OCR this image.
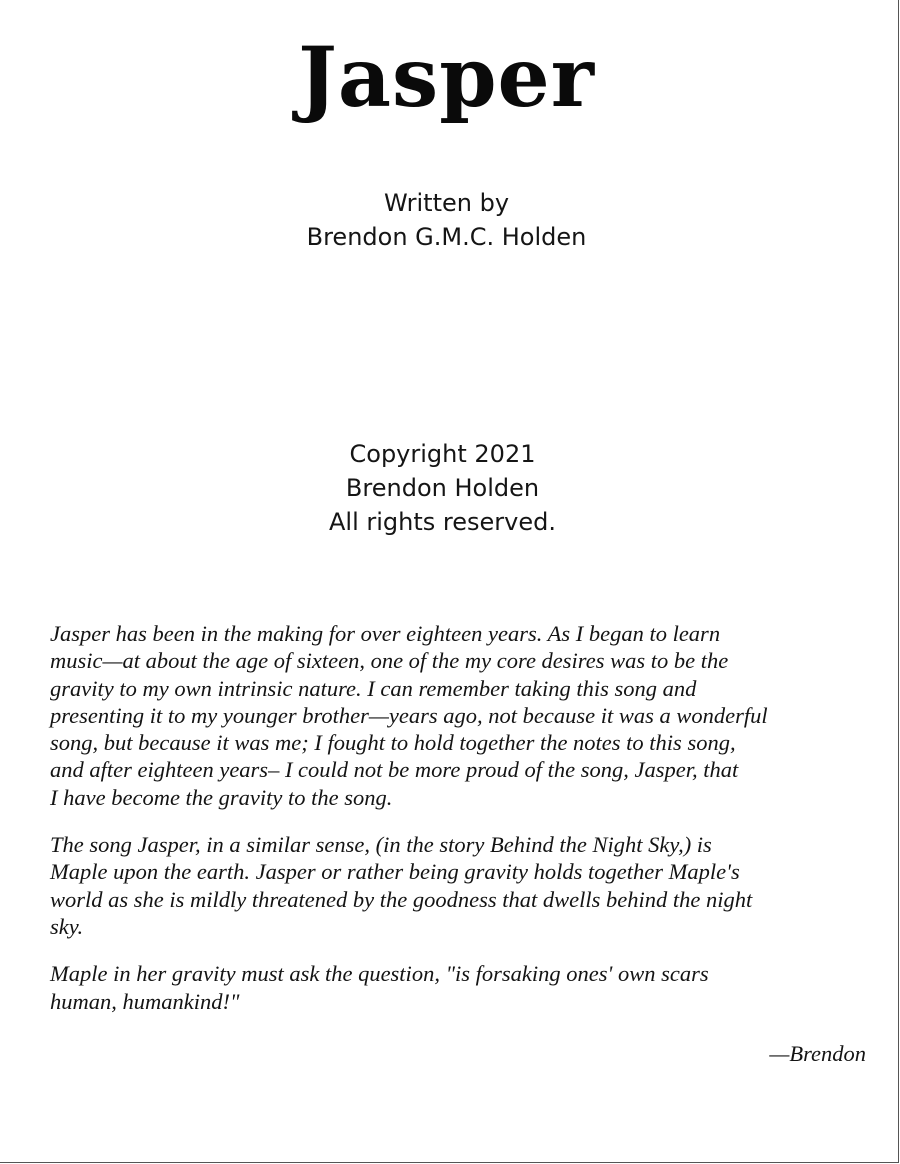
Jasper
Written by
Brendon G.M.C. Holden
Copyright 2021
Brendon Holden
All rights reserved.

Jasper has been in the making for over eighteen years. As I began to learn
music—at about the age of sixteen, one of the my core desires was to be the
gravity to my own intrinsic nature. I can remember taking this song and
presenting it to my younger brother—years ago, not because it was a wonderful
song, but because it was me; I fought to hold together the notes to this song,
and after eighteen years– I could not be more proud of the song, Jasper, that
I have become the gravity to the song.

The song Jasper, in a similar sense, (in the story Behind the Night Sky,) is
Maple upon the earth. Jasper or rather being gravity holds together Maple's
world as she is mildly threatened by the goodness that dwells behind the night
sky.

Maple in her gravity must ask the question, "is forsaking ones' own scars
human, humankind!"

—Brendon
